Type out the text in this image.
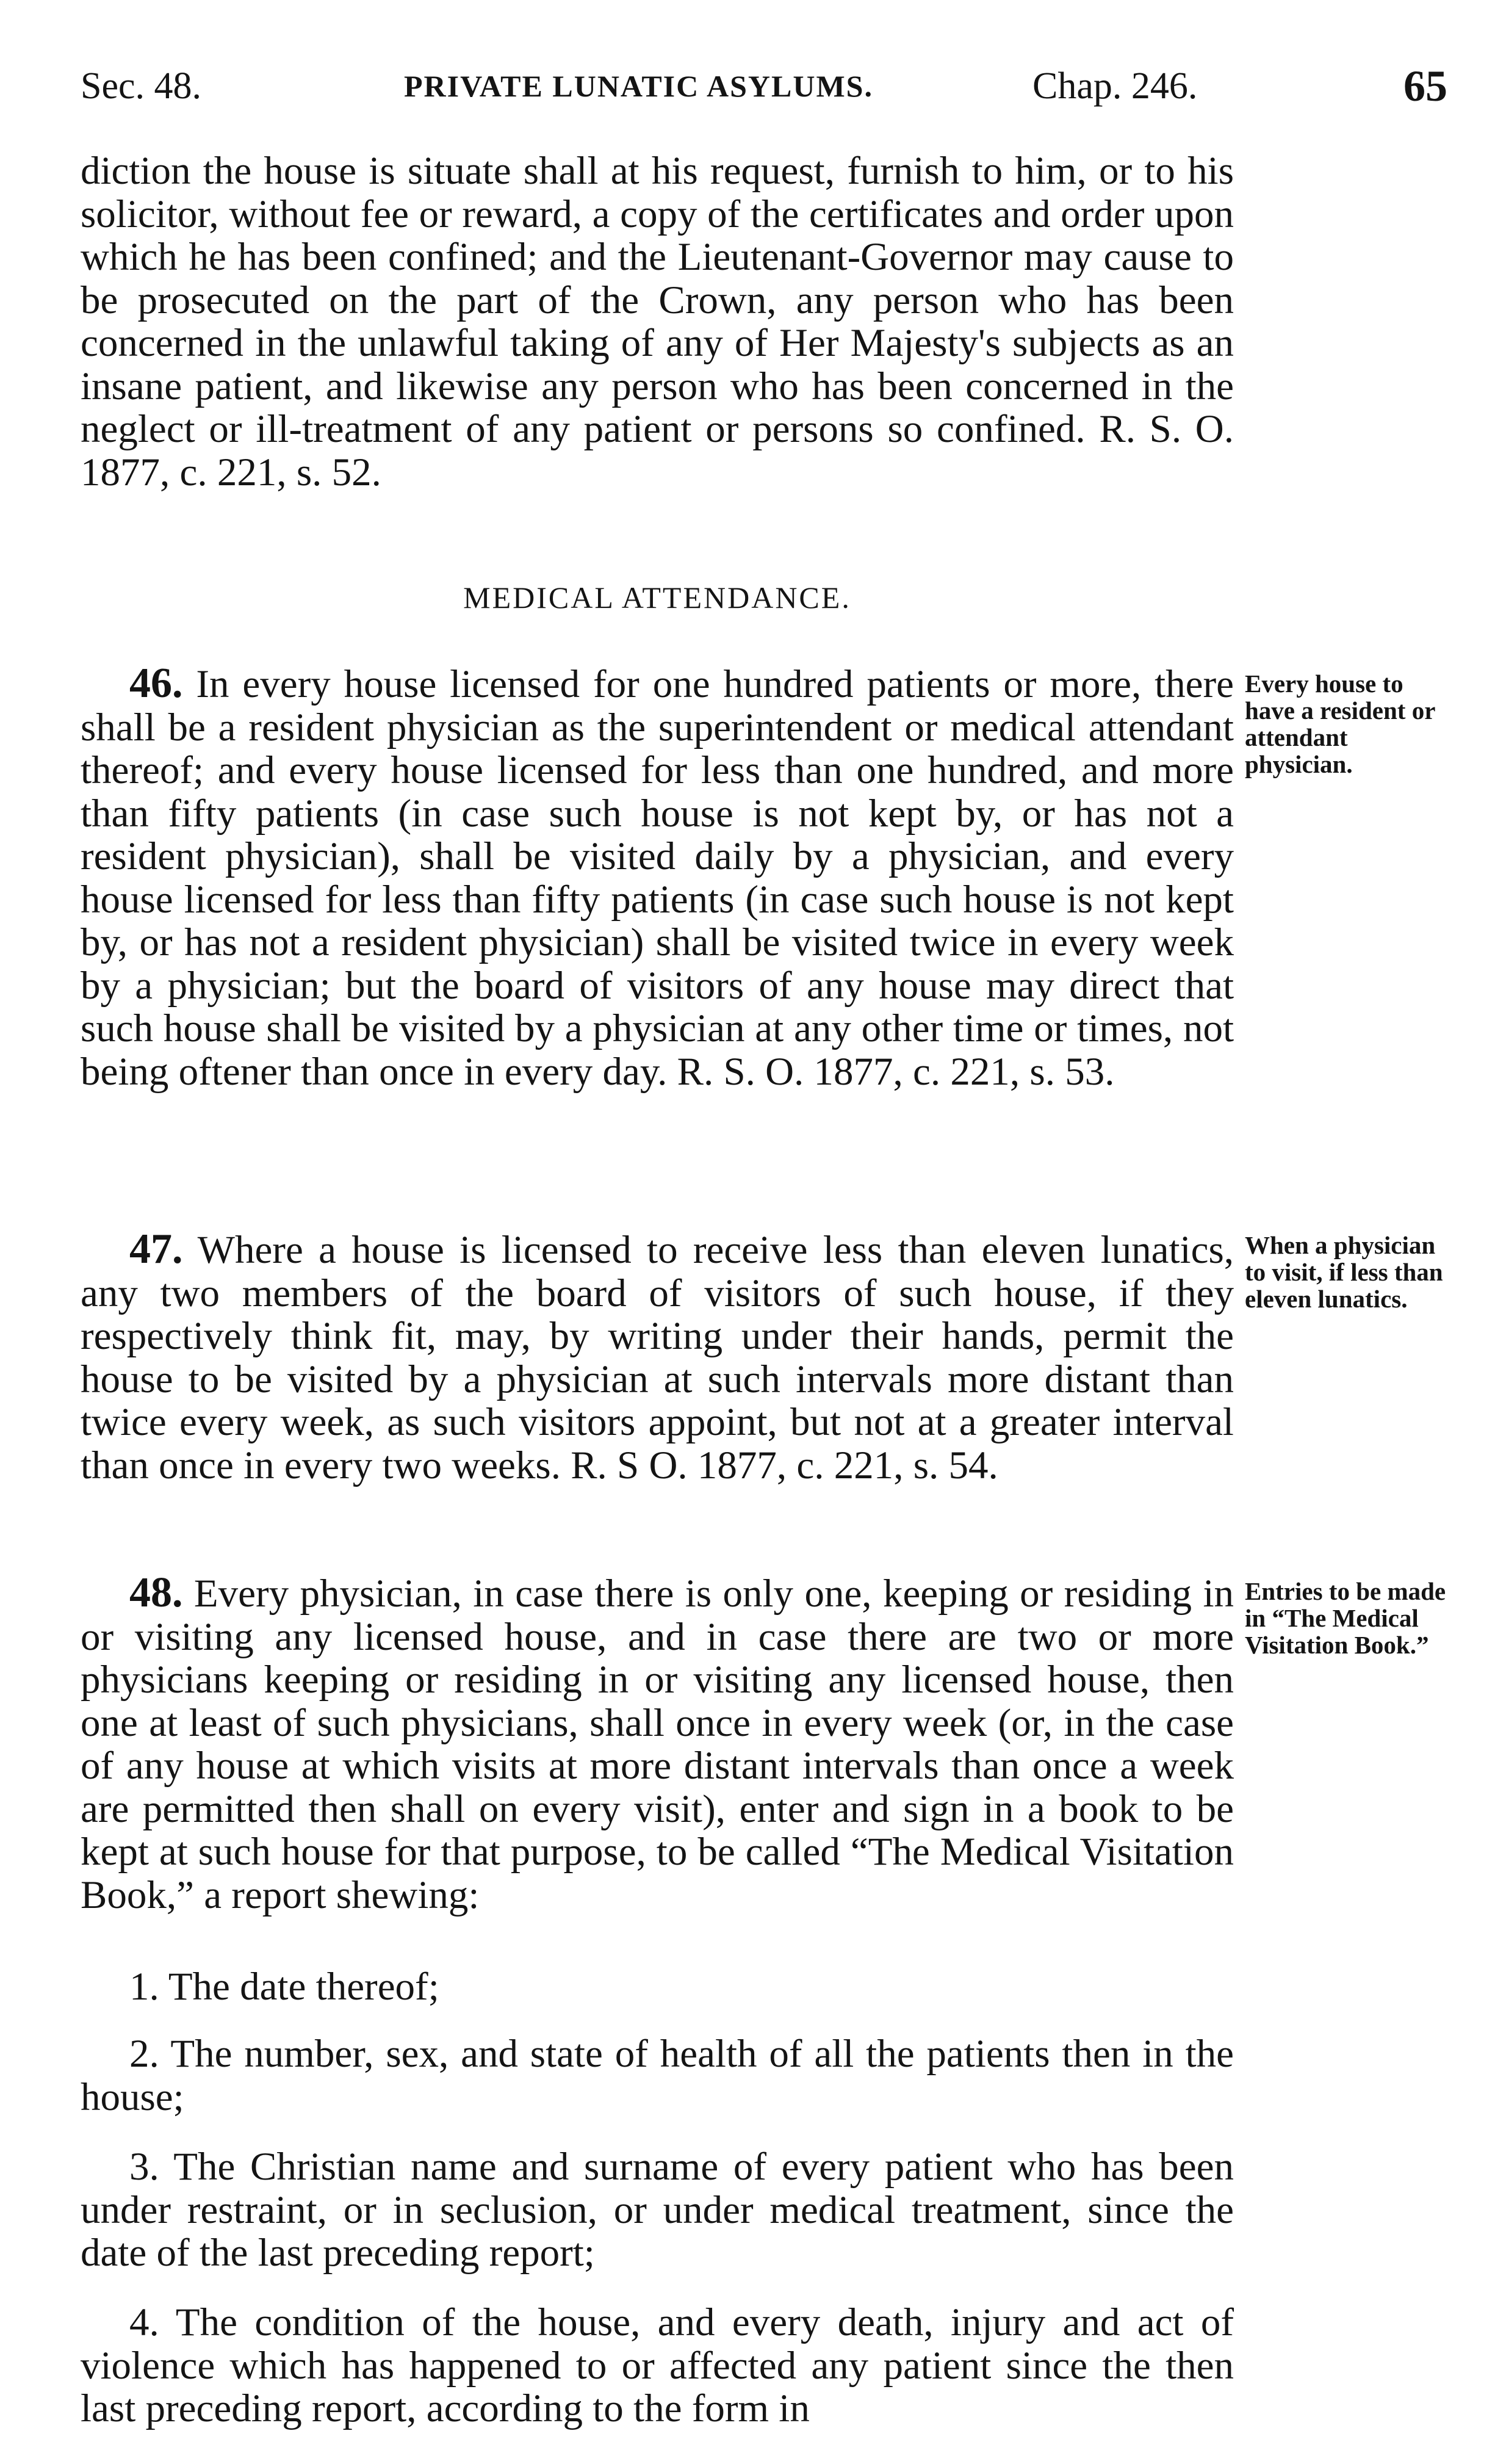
Sec. 48.	PRIVATE LUNATIC ASYLUMS.	Chap. 246.	65

diction the house is situate shall at his request, furnish to him, or to his solicitor, without fee or reward, a copy of the certificates and order upon which he has been confined; and the Lieutenant-Governor may cause to be prosecuted on the part of the Crown, any person who has been concerned in the unlawful taking of any of Her Majesty's subjects as an insane patient, and likewise any person who has been concerned in the neglect or ill-treatment of any patient or persons so confined. R. S. O. 1877, c. 221, s. 52.

MEDICAL ATTENDANCE.

46. In every house licensed for one hundred patients or more, there shall be a resident physician as the superintendent or medical attendant thereof; and every house licensed for less than one hundred, and more than fifty patients (in case such house is not kept by, or has not a resident physician), shall be visited daily by a physician, and every house licensed for less than fifty patients (in case such house is not kept by, or has not a resident physician) shall be visited twice in every week by a physician; but the board of visitors of any house may direct that such house shall be visited by a physician at any other time or times, not being oftener than once in every day. R. S. O. 1877, c. 221, s. 53.

Every house to have a resident or attendant physician.

47. Where a house is licensed to receive less than eleven lunatics, any two members of the board of visitors of such house, if they respectively think fit, may, by writing under their hands, permit the house to be visited by a physician at such intervals more distant than twice every week, as such visitors appoint, but not at a greater interval than once in every two weeks. R. S O. 1877, c. 221, s. 54.

When a physician to visit, if less than eleven lunatics.

48. Every physician, in case there is only one, keeping or residing in or visiting any licensed house, and in case there are two or more physicians keeping or residing in or visiting any licensed house, then one at least of such physicians, shall once in every week (or, in the case of any house at which visits at more distant intervals than once a week are permitted then shall on every visit), enter and sign in a book to be kept at such house for that purpose, to be called “The Medical Visitation Book,” a report shewing:

Entries to be made in “The Medical Visitation Book.”

1. The date thereof;

2. The number, sex, and state of health of all the patients then in the house;

3. The Christian name and surname of every patient who has been under restraint, or in seclusion, or under medical treatment, since the date of the last preceding report;

4. The condition of the house, and every death, injury and act of violence which has happened to or affected any patient since the then last preceding report, according to the form in
